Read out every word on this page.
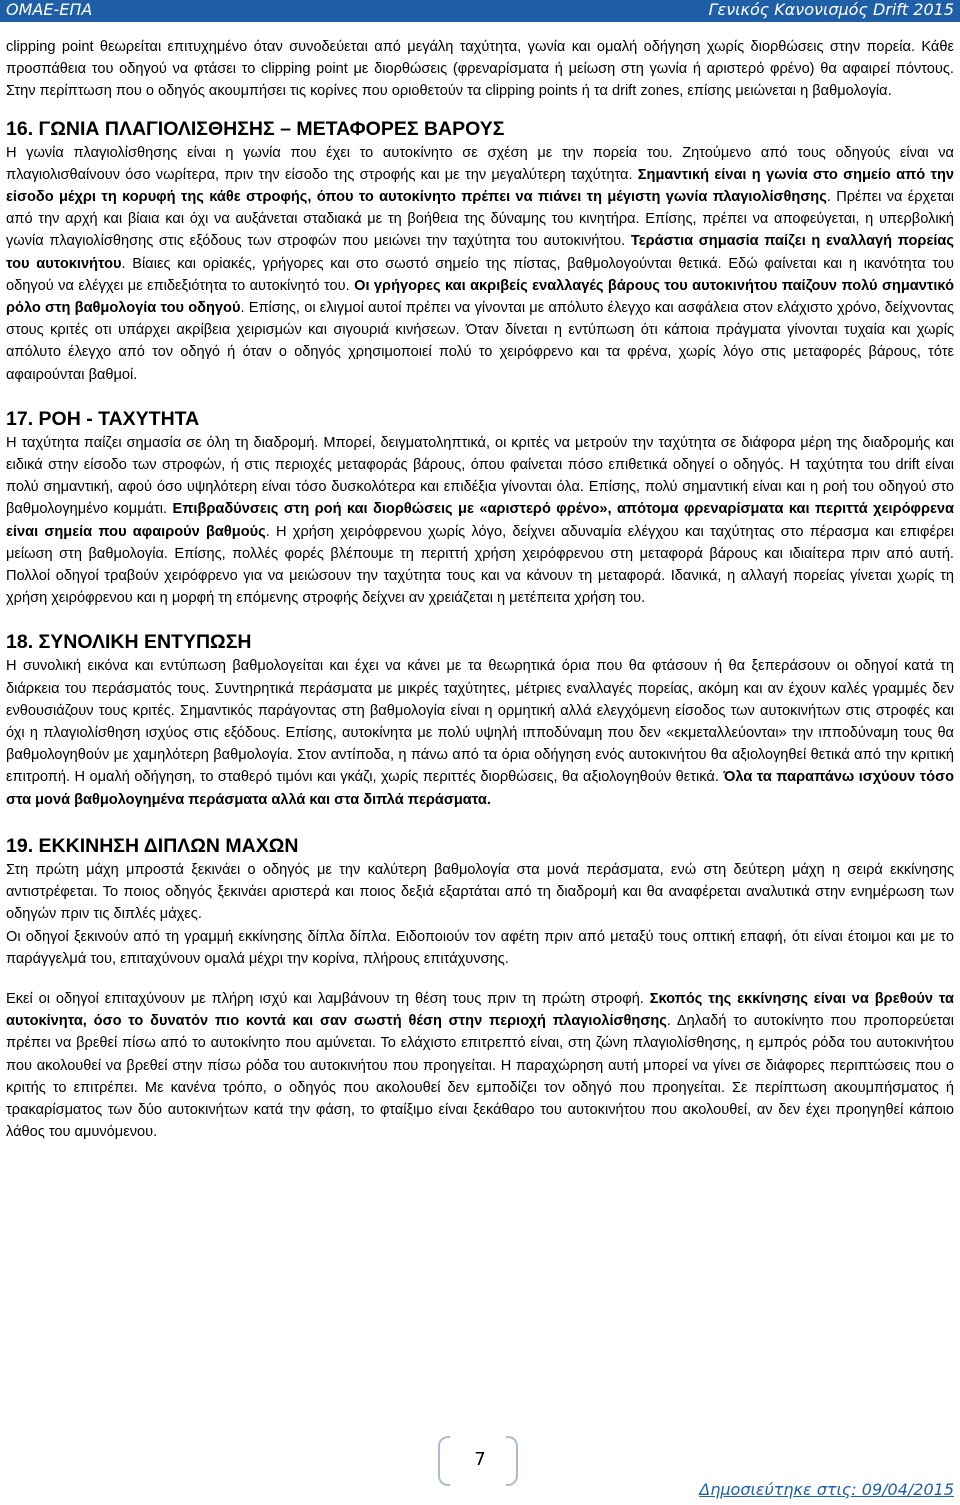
ΟΜΑΕ-ΕΠΑ	Γενικός Κανονισμός Drift 2015

clipping point θεωρείται επιτυχημένο όταν συνοδεύεται από μεγάλη ταχύτητα, γωνία και ομαλή οδήγηση χωρίς διορθώσεις στην πορεία. Κάθε προσπάθεια του οδηγού να φτάσει το clipping point με διορθώσεις (φρεναρίσματα ή μείωση στη γωνία ή αριστερό φρένο) θα αφαιρεί πόντους. Στην περίπτωση που ο οδηγός ακουμπήσει τις κορίνες που οριοθετούν τα clipping points ή τα drift zones, επίσης μειώνεται η βαθμολογία.

16. ΓΩΝΙΑ ΠΛΑΓΙΟΛΙΣΘΗΣΗΣ – ΜΕΤΑΦΟΡΕΣ ΒΑΡΟΥΣ

Η γωνία πλαγιολίσθησης είναι η γωνία που έχει το αυτοκίνητο σε σχέση με την πορεία του. Ζητούμενο από τους οδηγούς είναι να πλαγιολισθαίνουν όσο νωρίτερα, πριν την είσοδο της στροφής και με την μεγαλύτερη ταχύτητα. Σημαντική είναι η γωνία στο σημείο από την είσοδο μέχρι τη κορυφή της κάθε στροφής, όπου το αυτοκίνητο πρέπει να πιάνει τη μέγιστη γωνία πλαγιολίσθησης. Πρέπει να έρχεται από την αρχή και βίαια και όχι να αυξάνεται σταδιακά με τη βοήθεια της δύναμης του κινητήρα. Επίσης, πρέπει να αποφεύγεται, η υπερβολική γωνία πλαγιολίσθησης στις εξόδους των στροφών που μειώνει την ταχύτητα του αυτοκινήτου. Τεράστια σημασία παίζει η εναλλαγή πορείας του αυτοκινήτου. Βίαιες και ορiακές, γρήγορες και στο σωστό σημείο της πίστας, βαθμολογούνται θετικά. Εδώ φαίνεται και η ικανότητα του οδηγού να ελέγχει με επιδεξιότητα το αυτοκίνητό του. Οι γρήγορες και ακριβείς εναλλαγές βάρους του αυτοκινήτου παίζουν πολύ σημαντικό ρόλο στη βαθμολογία του οδηγού. Επίσης, οι ελιγμοί αυτοί πρέπει να γίνονται με απόλυτο έλεγχο και ασφάλεια στον ελάχιστο χρόνο, δείχνοντας στους κριτές οτι υπάρχει ακρίβεια χειρισμών και σιγουριά κινήσεων. Όταν δίνεται η εντύπωση ότι κάποια πράγματα γίνονται τυχαία και χωρίς απόλυτο έλεγχο από τον οδηγό ή όταν ο οδηγός χρησιμοποιεί πολύ το χειρόφρενο και τα φρένα, χωρίς λόγο στις μεταφορές βάρους, τότε αφαιρούνται βαθμοί.

17. ΡΟΗ - ΤΑΧΥΤΗΤΑ

Η ταχύτητα παίζει σημασία σε όλη τη διαδρομή. Μπορεί, δειγματοληπτικά, οι κριτές να μετρούν την ταχύτητα σε διάφορα μέρη της διαδρομής και ειδικά στην είσοδο των στροφών, ή στις περιοχές μεταφοράς βάρους, όπου φαίνεται πόσο επιθετικά οδηγεί ο οδηγός. Η ταχύτητα του drift είναι πολύ σημαντική, αφού όσο υψηλότερη είναι τόσο δυσκολότερα και επιδέξια γίνονται όλα. Επίσης, πολύ σημαντική είναι και η ροή του οδηγού στο βαθμολογημένο κομμάτι. Επιβραδύνσεις στη ροή και διορθώσεις με «αριστερό φρένο», απότομα φρεναρίσματα και περιττά χειρόφρενα είναι σημεία που αφαιρούν βαθμούς. Η χρήση χειρόφρενου χωρίς λόγο, δείχνει αδυναμία ελέγχου και ταχύτητας στο πέρασμα και επιφέρει μείωση στη βαθμολογία. Επίσης, πολλές φορές βλέπουμε τη περιττή χρήση χειρόφρενου στη μεταφορά βάρους και ιδιαίτερα πριν από αυτή. Πολλοί οδηγοί τραβούν χειρόφρενο για να μειώσουν την ταχύτητα τους και να κάνουν τη μεταφορά. Ιδανικά, η αλλαγή πορείας γίνεται χωρίς τη χρήση χειρόφρενου και η μορφή τη επόμενης στροφής δείχνει αν χρειάζεται η μετέπειτα χρήση του.

18. ΣΥΝΟΛΙΚΗ ΕΝΤΥΠΩΣΗ

Η συνολική εικόνα και εντύπωση βαθμολογείται και έχει να κάνει με τα θεωρητικά όρια που θα φτάσουν ή θα ξεπεράσουν οι οδηγοί κατά τη διάρκεια του περάσματός τους. Συντηρητικά περάσματα με μικρές ταχύτητες, μέτριες εναλλαγές πορείας, ακόμη και αν έχουν καλές γραμμές δεν ενθουσιάζουν τους κριτές. Σημαντικός παράγοντας στη βαθμολογία είναι η ορμητική αλλά ελεγχόμενη είσοδος των αυτοκινήτων στις στροφές και όχι η πλαγιολίσθηση ισχύος στις εξόδους. Επίσης, αυτοκίνητα με πολύ υψηλή ιπποδύναμη που δεν «εκμεταλλεύονται» την ιπποδύναμη τους θα βαθμολογηθούν με χαμηλότερη βαθμολογία. Στον αντίποδα, η πάνω από τα όρια οδήγηση ενός αυτοκινήτου θα αξιολογηθεί θετικά από την κριτική επιτροπή. Η ομαλή οδήγηση, το σταθερό τιμόνι και γκάζι, χωρίς περιττές διορθώσεις, θα αξιολογηθούν θετικά. Όλα τα παραπάνω ισχύουν τόσο στα μονά βαθμολογημένα περάσματα αλλά και στα διπλά περάσματα.

19. ΕΚΚΙΝΗΣΗ ΔΙΠΛΩΝ ΜΑΧΩΝ

Στη πρώτη μάχη μπροστά ξεκινάει ο οδηγός με την καλύτερη βαθμολογία στα μονά περάσματα, ενώ στη δεύτερη μάχη η σειρά εκκίνησης αντιστρέφεται. Το ποιος οδηγός ξεκινάει αριστερά και ποιος δεξιά εξαρτάται από τη διαδρομή και θα αναφέρεται αναλυτικά στην ενημέρωση των οδηγών πριν τις διπλές μάχες.

Οι οδηγοί ξεκινούν από τη γραμμή εκκίνησης δίπλα δίπλα. Ειδοποιούν τον αφέτη πριν από μεταξύ τους οπτική επαφή, ότι είναι έτοιμοι και με το παράγγελμά του, επιταχύνουν ομαλά μέχρι την κορίνα, πλήρους επιτάχυνσης.

Εκεί οι οδηγοί επιταχύνουν με πλήρη ισχύ και λαμβάνουν τη θέση τους πριν τη πρώτη στροφή. Σκοπός της εκκίνησης είναι να βρεθούν τα αυτοκίνητα, όσο το δυνατόν πιο κοντά και σαν σωστή θέση στην περιοχή πλαγιολίσθησης. Δηλαδή το αυτοκίνητο που προπορεύεται πρέπει να βρεθεί πίσω από το αυτοκίνητο που αμύνεται. Το ελάχιστο επιτρεπτό είναι, στη ζώνη πλαγιολίσθησης, η εμπρός ρόδα του αυτοκινήτου που ακολουθεί να βρεθεί στην πίσω ρόδα του αυτοκινήτου που προηγείται. Η παραχώρηση αυτή μπορεί να γίνει σε διάφορες περιπτώσεις που ο κριτής το επιτρέπει. Με κανένα τρόπο, ο οδηγός που ακολουθεί δεν εμποδίζει τον οδηγό που προηγείται. Σε περίπτωση ακουμπήσματος ή τρακαρίσματος των δύο αυτοκινήτων κατά την φάση, το φταίξιμο είναι ξεκάθαρο του αυτοκινήτου που ακολουθεί, αν δεν έχει προηγηθεί κάποιο λάθος του αμυνόμενου.

7
Δημοσιεύτηκε στις: 09/04/2015
